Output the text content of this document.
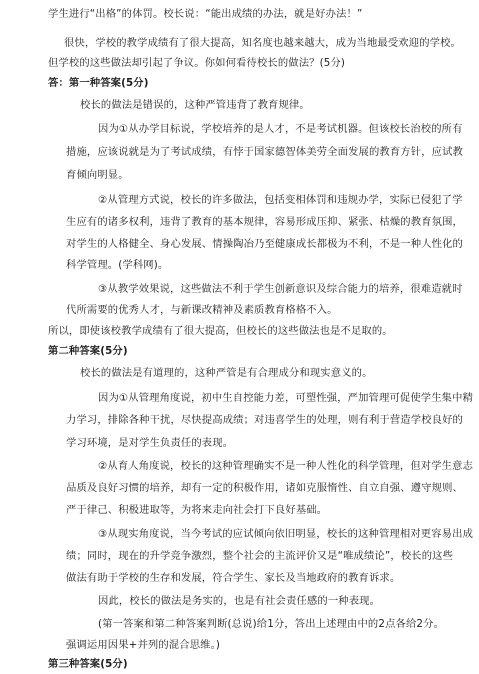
学生进行“出格”的体罚。校长说：“能出成绩的办法，就是好办法！”
很快，学校的教学成绩有了很大提高，知名度也越来越大，成为当地最受欢迎的学校。
但学校的这些做法却引起了争议。你如何看待校长的做法？(5分)
答：第一种答案(5分)
校长的做法是错误的，这种严管违背了教育规律。
因为①从办学目标说，学校培养的是人才，不是考试机器。但该校长治校的所有
措施，应该说就是为了考试成绩，有悖于国家德智体美劳全面发展的教育方针，应试教
育倾向明显。
②从管理方式说，校长的许多做法，包括变相体罚和违规办学，实际已侵犯了学
生应有的诸多权利，违背了教育的基本规律，容易形成压抑、紧张、枯燥的教育氛围，
对学生的人格健全、身心发展、情操陶冶乃至健康成长都极为不利，不是一种人性化的
科学管理。(学科网)。
③从教学效果说，这些做法不利于学生创新意识及综合能力的培养，很难造就时
代所需要的优秀人才，与新课改精神及素质教育格格不入。
所以，即使该校教学成绩有了很大提高，但校长的这些做法也是不足取的。
第二种答案(5分)
校长的做法是有道理的，这种严管是有合理成分和现实意义的。
因为①从管理角度说，初中生自控能力差，可塑性强，严加管理可促使学生集中精
力学习，排除各种干扰，尽快提高成绩；对违喜学生的处理，则有利于营造学校良好的
学习环境，是对学生负责任的表现。
②从育人角度说，校长的这种管理确实不是一种人性化的科学管理，但对学生意志
品质及良好习惯的培养，却有一定的积极作用，诸如克服惰性、自立自强、遵守规则、
严于律己、积极进取等，为将来走向社会打下良好基础。
③从现实角度说，当今考试的应试倾向依旧明显，校长的这种管理相对更容易出成
绩；同时，现在的升学竞争激烈，整个社会的主流评价又是“唯成绩论”，校长的这些
做法有助于学校的生存和发展，符合学生、家长及当地政府的教育诉求。
因此，校长的做法是务实的，也是有社会责任感的一种表现。
(第一答案和第二种答案判断(总说)给1分，答出上述理由中的2点各给2分。
强调运用因果+并列的混合思维。)
第三种答案(5分)
